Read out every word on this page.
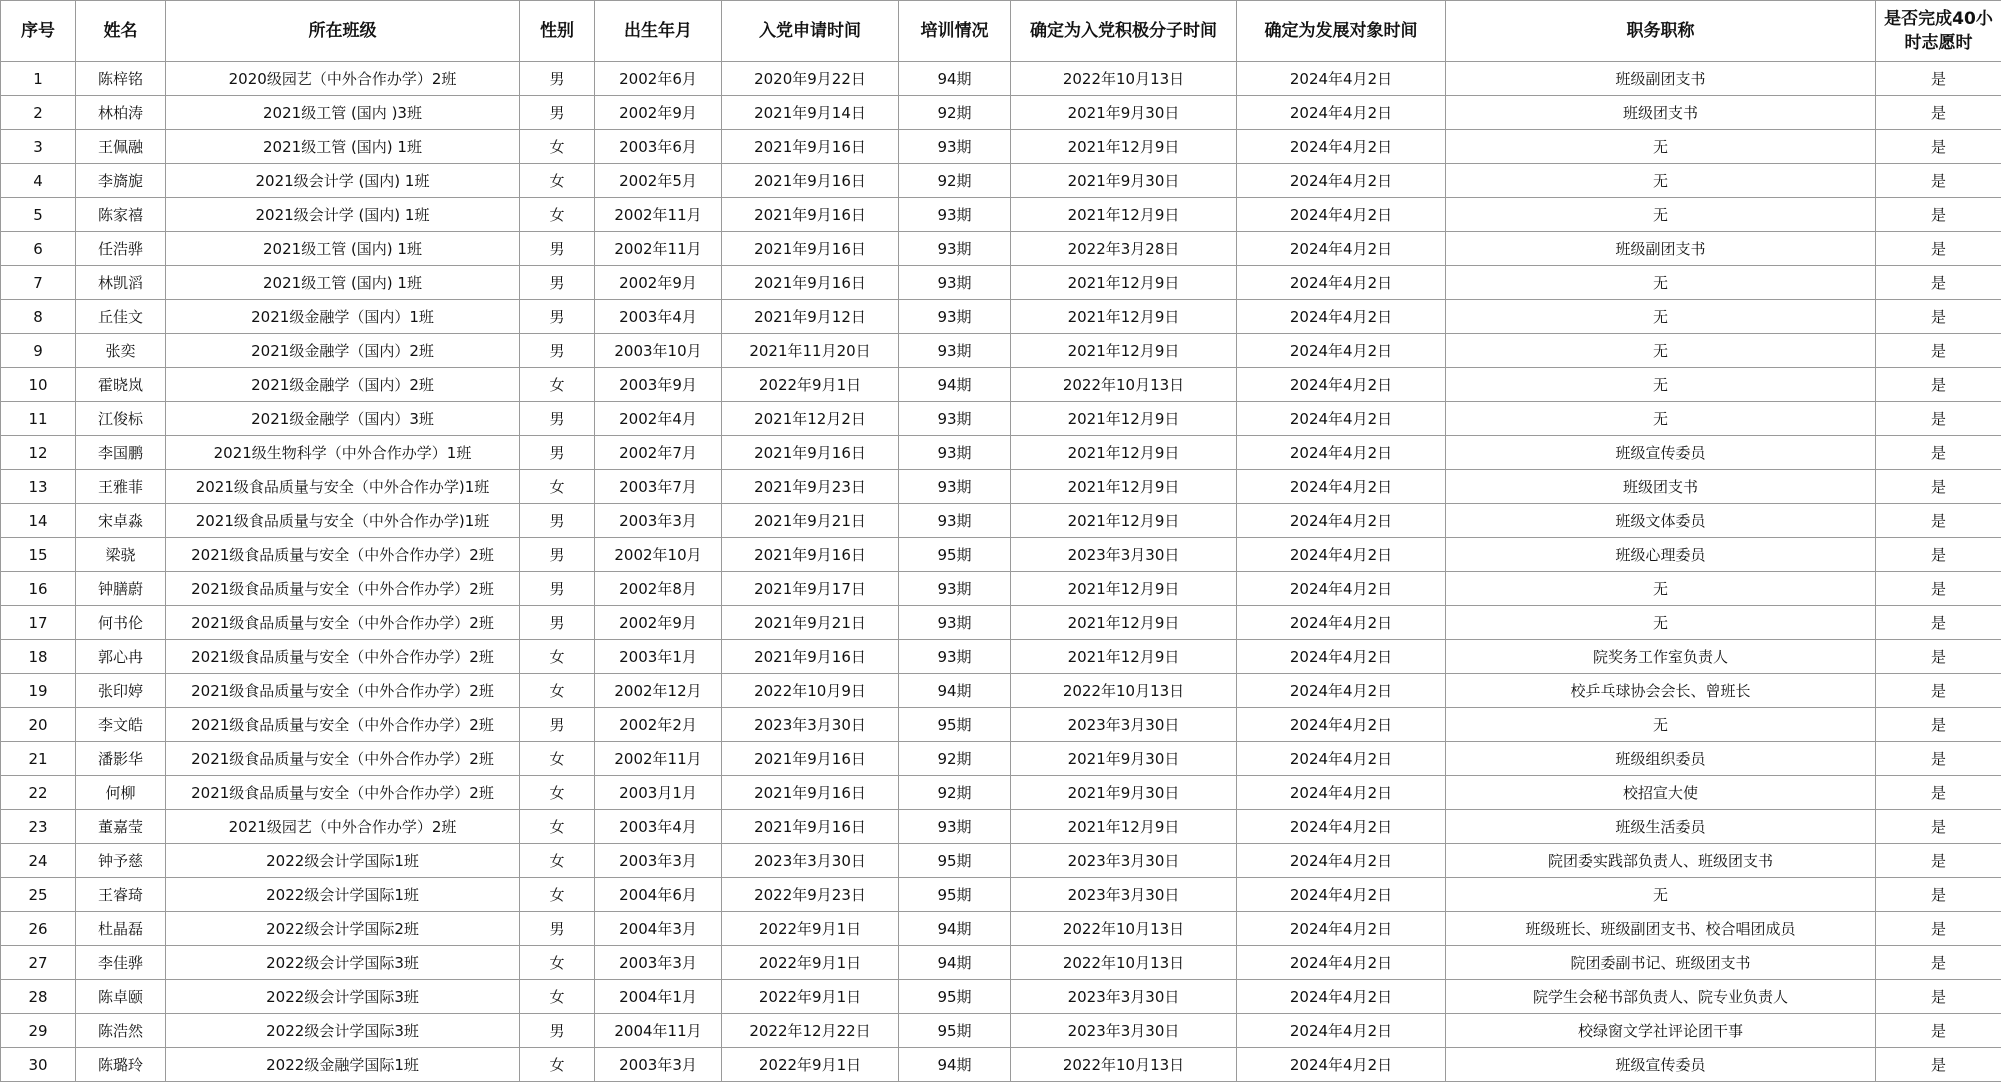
序号	姓名	所在班级	性别	出生年月	入党申请时间	培训情况	确定为入党积极分子时间	确定为发展对象时间	职务职称	是否完成40小时志愿时
1	陈梓铭	2020级园艺（中外合作办学）2班	男	2002年6月	2020年9月22日	94期	2022年10月13日	2024年4月2日	班级副团支书	是
2	林柏涛	2021级工管 (国内 )3班	男	2002年9月	2021年9月14日	92期	2021年9月30日	2024年4月2日	班级团支书	是
3	王佩融	2021级工管 (国内) 1班	女	2003年6月	2021年9月16日	93期	2021年12月9日	2024年4月2日	无	是
4	李旖旎	2021级会计学 (国内) 1班	女	2002年5月	2021年9月16日	92期	2021年9月30日	2024年4月2日	无	是
5	陈家禧	2021级会计学 (国内) 1班	女	2002年11月	2021年9月16日	93期	2021年12月9日	2024年4月2日	无	是
6	任浩骅	2021级工管 (国内) 1班	男	2002年11月	2021年9月16日	93期	2022年3月28日	2024年4月2日	班级副团支书	是
7	林凯滔	2021级工管 (国内) 1班	男	2002年9月	2021年9月16日	93期	2021年12月9日	2024年4月2日	无	是
8	丘佳文	2021级金融学（国内）1班	男	2003年4月	2021年9月12日	93期	2021年12月9日	2024年4月2日	无	是
9	张奕	2021级金融学（国内）2班	男	2003年10月	2021年11月20日	93期	2021年12月9日	2024年4月2日	无	是
10	霍晓岚	2021级金融学（国内）2班	女	2003年9月	2022年9月1日	94期	2022年10月13日	2024年4月2日	无	是
11	江俊标	2021级金融学（国内）3班	男	2002年4月	2021年12月2日	93期	2021年12月9日	2024年4月2日	无	是
12	李国鹏	2021级生物科学（中外合作办学）1班	男	2002年7月	2021年9月16日	93期	2021年12月9日	2024年4月2日	班级宣传委员	是
13	王雅菲	2021级食品质量与安全（中外合作办学)1班	女	2003年7月	2021年9月23日	93期	2021年12月9日	2024年4月2日	班级团支书	是
14	宋卓淼	2021级食品质量与安全（中外合作办学)1班	男	2003年3月	2021年9月21日	93期	2021年12月9日	2024年4月2日	班级文体委员	是
15	梁骁	2021级食品质量与安全（中外合作办学）2班	男	2002年10月	2021年9月16日	95期	2023年3月30日	2024年4月2日	班级心理委员	是
16	钟膳蔚	2021级食品质量与安全（中外合作办学）2班	男	2002年8月	2021年9月17日	93期	2021年12月9日	2024年4月2日	无	是
17	何书伦	2021级食品质量与安全（中外合作办学）2班	男	2002年9月	2021年9月21日	93期	2021年12月9日	2024年4月2日	无	是
18	郭心冉	2021级食品质量与安全（中外合作办学）2班	女	2003年1月	2021年9月16日	93期	2021年12月9日	2024年4月2日	院奖务工作室负责人	是
19	张印婷	2021级食品质量与安全（中外合作办学）2班	女	2002年12月	2022年10月9日	94期	2022年10月13日	2024年4月2日	校乒乓球协会会长、曾班长	是
20	李文皓	2021级食品质量与安全（中外合作办学）2班	男	2002年2月	2023年3月30日	95期	2023年3月30日	2024年4月2日	无	是
21	潘影华	2021级食品质量与安全（中外合作办学）2班	女	2002年11月	2021年9月16日	92期	2021年9月30日	2024年4月2日	班级组织委员	是
22	何柳	2021级食品质量与安全（中外合作办学）2班	女	2003月1月	2021年9月16日	92期	2021年9月30日	2024年4月2日	校招宣大使	是
23	董嘉莹	2021级园艺（中外合作办学）2班	女	2003年4月	2021年9月16日	93期	2021年12月9日	2024年4月2日	班级生活委员	是
24	钟予慈	2022级会计学国际1班	女	2003年3月	2023年3月30日	95期	2023年3月30日	2024年4月2日	院团委实践部负责人、班级团支书	是
25	王睿琦	2022级会计学国际1班	女	2004年6月	2022年9月23日	95期	2023年3月30日	2024年4月2日	无	是
26	杜晶磊	2022级会计学国际2班	男	2004年3月	2022年9月1日	94期	2022年10月13日	2024年4月2日	班级班长、班级副团支书、校合唱团成员	是
27	李佳骅	2022级会计学国际3班	女	2003年3月	2022年9月1日	94期	2022年10月13日	2024年4月2日	院团委副书记、班级团支书	是
28	陈卓颐	2022级会计学国际3班	女	2004年1月	2022年9月1日	95期	2023年3月30日	2024年4月2日	院学生会秘书部负责人、院专业负责人	是
29	陈浩然	2022级会计学国际3班	男	2004年11月	2022年12月22日	95期	2023年3月30日	2024年4月2日	校绿窗文学社评论团干事	是
30	陈璐玲	2022级金融学国际1班	女	2003年3月	2022年9月1日	94期	2022年10月13日	2024年4月2日	班级宣传委员	是
